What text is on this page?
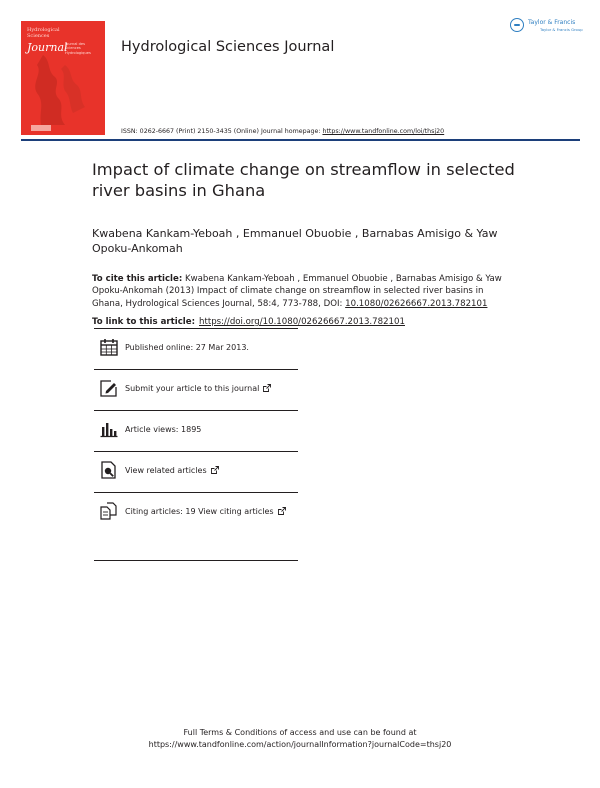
Hydrological
Sciences
Journal
Journal des Sciences Hydrologiques	Hydrological Sciences Journal
Taylor & Francis
Taylor & Francis Group
ISSN: 0262-6667 (Print) 2150-3435 (Online) Journal homepage: https://www.tandfonline.com/loi/thsj20
Impact of climate change on streamflow in selected river basins in Ghana

Kwabena Kankam-Yeboah , Emmanuel Obuobie , Barnabas Amisigo & Yaw Opoku-Ankomah

To cite this article: Kwabena Kankam-Yeboah , Emmanuel Obuobie , Barnabas Amisigo & Yaw Opoku-Ankomah (2013) Impact of climate change on streamflow in selected river basins in Ghana, Hydrological Sciences Journal, 58:4, 773-788, DOI: 10.1080/02626667.2013.782101

To link to this article: https://doi.org/10.1080/02626667.2013.782101
Published online: 27 Mar 2013.
Submit your article to this journal
Article views: 1895
View related articles
Citing articles: 19 View citing articles
Full Terms & Conditions of access and use can be found at
https://www.tandfonline.com/action/journalInformation?journalCode=thsj20
